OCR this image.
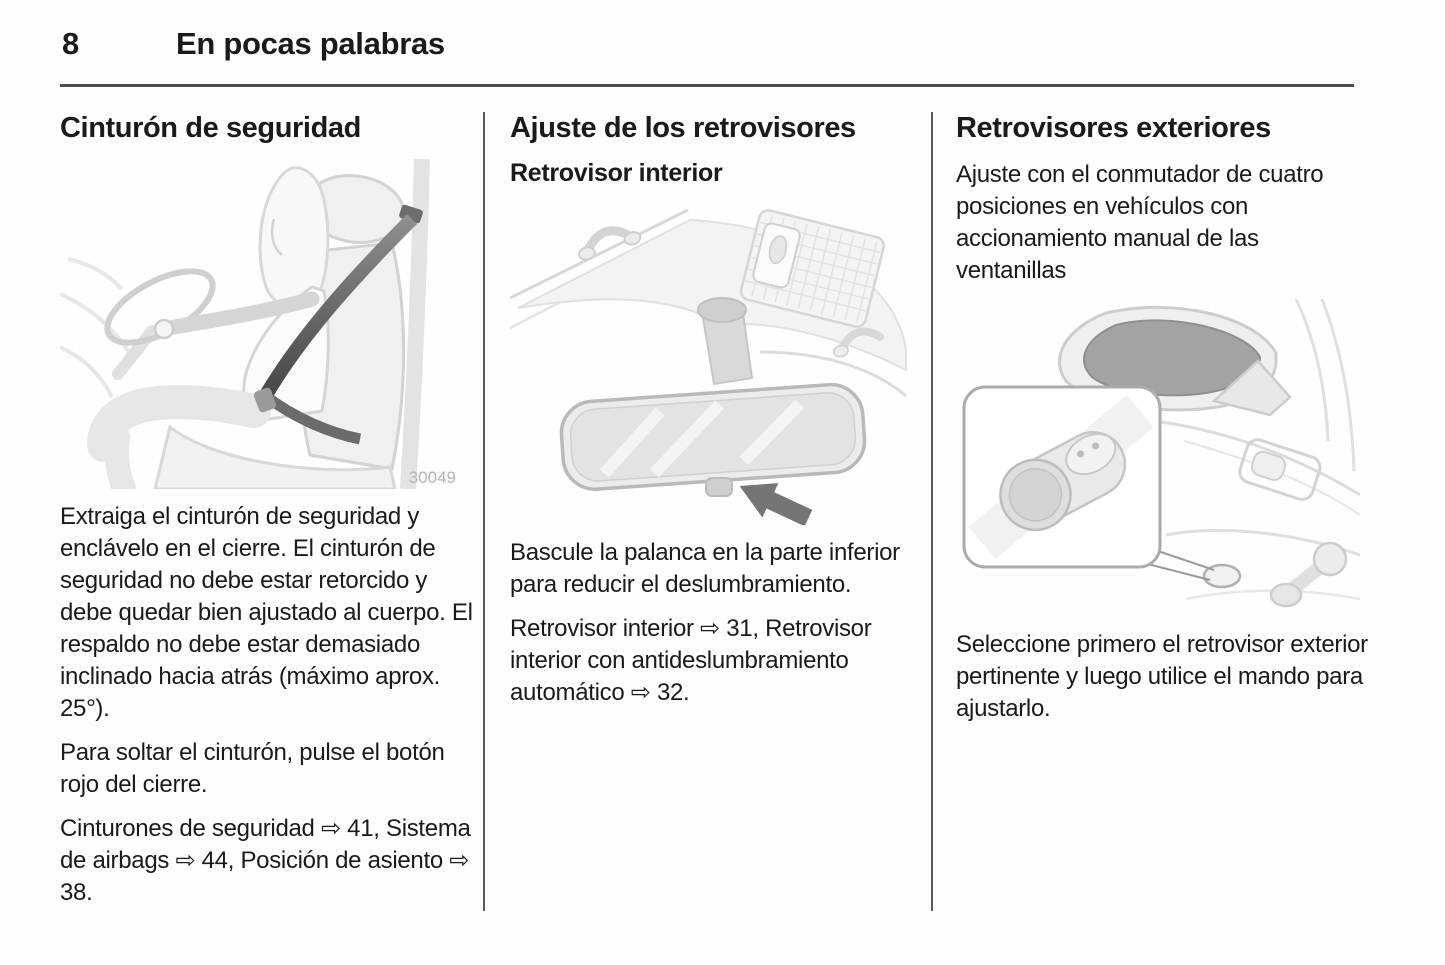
8	En pocas palabras
Cinturón de seguridad
30049

Extraiga el cinturón de seguridad y enclávelo en el cierre. El cinturón de seguridad no debe estar retorcido y debe quedar bien ajustado al cuerpo. El respaldo no debe estar demasiado inclinado hacia atrás (máximo aprox. 25°).

Para soltar el cinturón, pulse el botón rojo del cierre.

Cinturones de seguridad ⇨ 41, Sistema de airbags ⇨ 44, Posición de asiento ⇨ 38.

Ajuste de los retrovisores
Retrovisor interior

Bascule la palanca en la parte inferior para reducir el deslumbramiento.

Retrovisor interior ⇨ 31, Retrovisor interior con antideslumbramiento automático ⇨ 32.

Retrovisores exteriores

Ajuste con el conmutador de cuatro posiciones en vehículos con accionamiento manual de las ventanillas

Seleccione primero el retrovisor exterior pertinente y luego utilice el mando para ajustarlo.
